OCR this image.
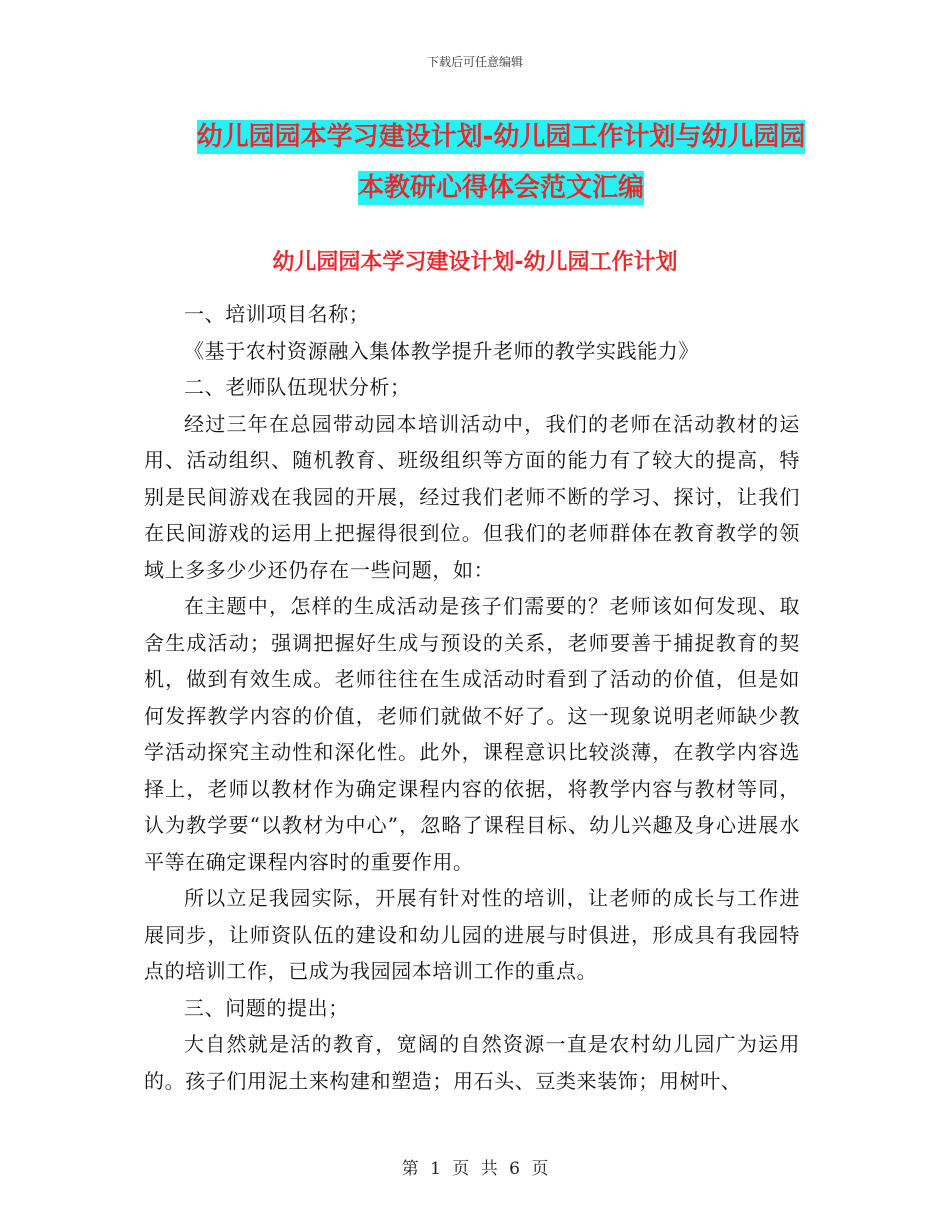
下载后可任意编辑
幼儿园园本学习建设计划-幼儿园工作计划与幼儿园园
本教研心得体会范文汇编
幼儿园园本学习建设计划-幼儿园工作计划

一、培训项目名称；

《基于农村资源融入集体教学提升老师的教学实践能力》

二、老师队伍现状分析；

经过三年在总园带动园本培训活动中，我们的老师在活动教材的运用、活动组织、随机教育、班级组织等方面的能力有了较大的提高，特别是民间游戏在我园的开展，经过我们老师不断的学习、探讨，让我们在民间游戏的运用上把握得很到位。但我们的老师群体在教育教学的领域上多多少少还仍存在一些问题，如：

在主题中，怎样的生成活动是孩子们需要的？老师该如何发现、取舍生成活动；强调把握好生成与预设的关系，老师要善于捕捉教育的契机，做到有效生成。老师往往在生成活动时看到了活动的价值，但是如何发挥教学内容的价值，老师们就做不好了。这一现象说明老师缺少教学活动探究主动性和深化性。此外，课程意识比较淡薄，在教学内容选择上，老师以教材作为确定课程内容的依据，将教学内容与教材等同，认为教学要“以教材为中心”，忽略了课程目标、幼儿兴趣及身心进展水平等在确定课程内容时的重要作用。

所以立足我园实际，开展有针对性的培训，让老师的成长与工作进展同步，让师资队伍的建设和幼儿园的进展与时俱进，形成具有我园特点的培训工作，已成为我园园本培训工作的重点。

三、问题的提出；

大自然就是活的教育，宽阔的自然资源一直是农村幼儿园广为运用的。孩子们用泥土来构建和塑造；用石头、豆类来装饰；用树叶、

第 1 页 共 6 页
